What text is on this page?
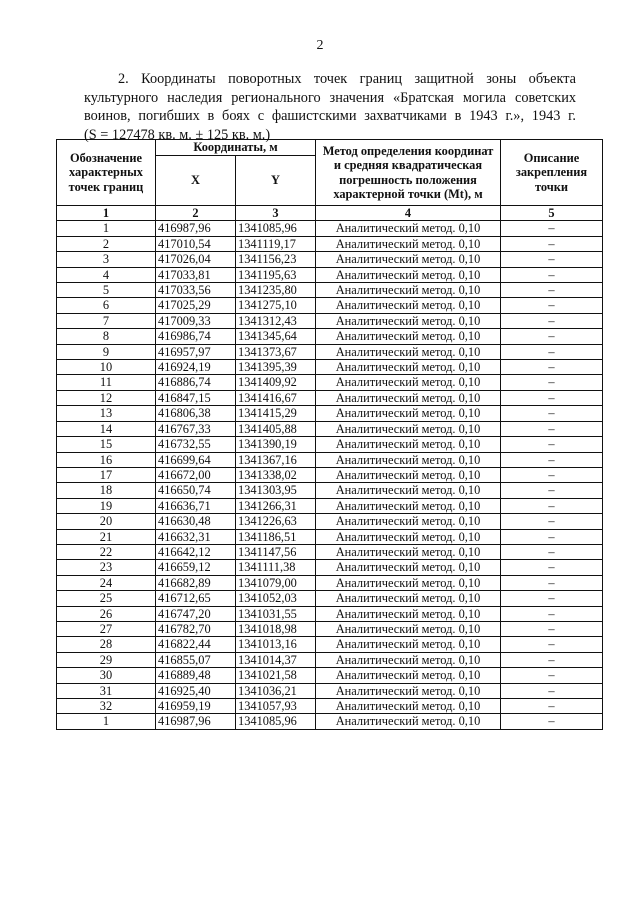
2
2. Координаты поворотных точек границ защитной зоны объекта
культурного наследия регионального значения «Братская могила советских
воинов, погибших в боях с фашистскими захватчиками в 1943 г.», 1943 г.
(S = 127478 кв. м. ± 125 кв. м.)
Обозначение характерных точек границ	Координаты, м		Метод определения координат и средняя квадратическая погрешность положения характерной точки (Mt), м	Описание закрепления точки
	X	Y		
1	2	3	4	5
1	416987,96	1341085,96	Аналитический метод. 0,10	–
2	417010,54	1341119,17	Аналитический метод. 0,10	–
3	417026,04	1341156,23	Аналитический метод. 0,10	–
4	417033,81	1341195,63	Аналитический метод. 0,10	–
5	417033,56	1341235,80	Аналитический метод. 0,10	–
6	417025,29	1341275,10	Аналитический метод. 0,10	–
7	417009,33	1341312,43	Аналитический метод. 0,10	–
8	416986,74	1341345,64	Аналитический метод. 0,10	–
9	416957,97	1341373,67	Аналитический метод. 0,10	–
10	416924,19	1341395,39	Аналитический метод. 0,10	–
11	416886,74	1341409,92	Аналитический метод. 0,10	–
12	416847,15	1341416,67	Аналитический метод. 0,10	–
13	416806,38	1341415,29	Аналитический метод. 0,10	–
14	416767,33	1341405,88	Аналитический метод. 0,10	–
15	416732,55	1341390,19	Аналитический метод. 0,10	–
16	416699,64	1341367,16	Аналитический метод. 0,10	–
17	416672,00	1341338,02	Аналитический метод. 0,10	–
18	416650,74	1341303,95	Аналитический метод. 0,10	–
19	416636,71	1341266,31	Аналитический метод. 0,10	–
20	416630,48	1341226,63	Аналитический метод. 0,10	–
21	416632,31	1341186,51	Аналитический метод. 0,10	–
22	416642,12	1341147,56	Аналитический метод. 0,10	–
23	416659,12	1341111,38	Аналитический метод. 0,10	–
24	416682,89	1341079,00	Аналитический метод. 0,10	–
25	416712,65	1341052,03	Аналитический метод. 0,10	–
26	416747,20	1341031,55	Аналитический метод. 0,10	–
27	416782,70	1341018,98	Аналитический метод. 0,10	–
28	416822,44	1341013,16	Аналитический метод. 0,10	–
29	416855,07	1341014,37	Аналитический метод. 0,10	–
30	416889,48	1341021,58	Аналитический метод. 0,10	–
31	416925,40	1341036,21	Аналитический метод. 0,10	–
32	416959,19	1341057,93	Аналитический метод. 0,10	–
1	416987,96	1341085,96	Аналитический метод. 0,10	–
